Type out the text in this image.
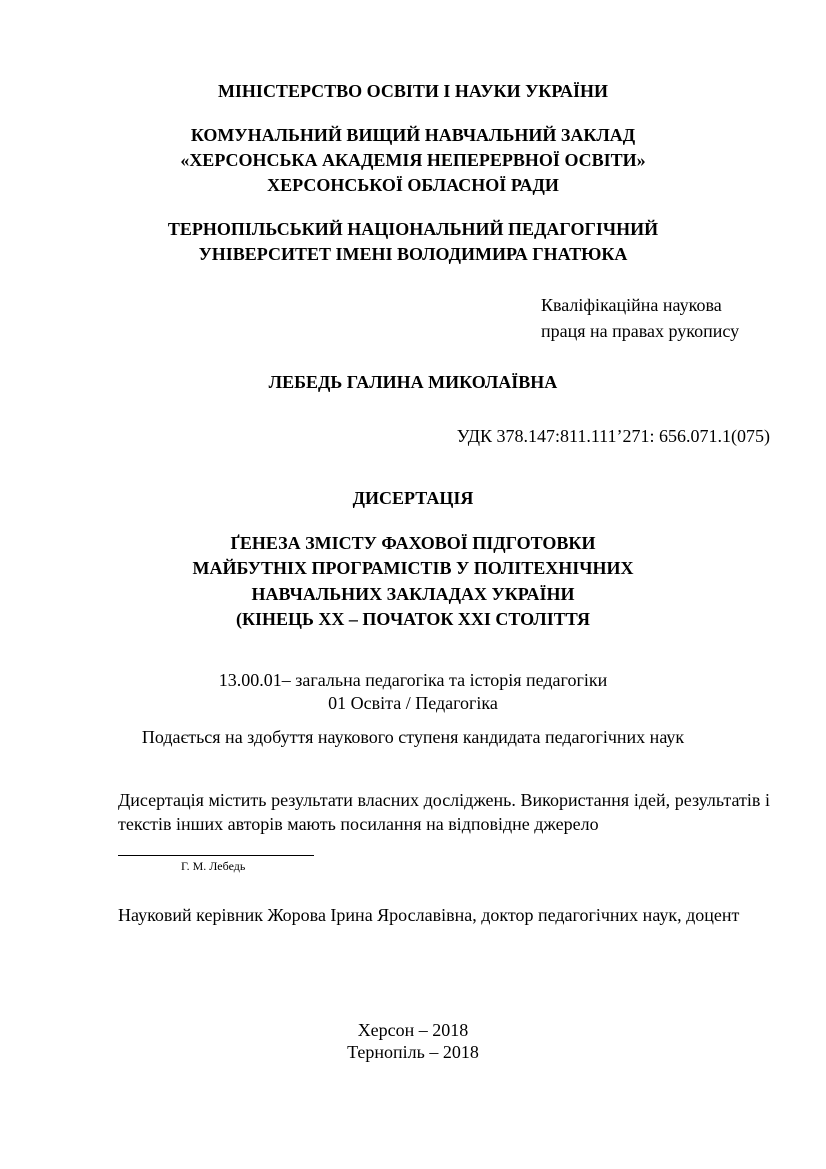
МІНІСТЕРСТВО ОСВІТИ І НАУКИ УКРАЇНИ
КОМУНАЛЬНИЙ ВИЩИЙ НАВЧАЛЬНИЙ ЗАКЛАД
«ХЕРСОНСЬКА АКАДЕМІЯ НЕПЕРЕРВНОЇ ОСВІТИ»
ХЕРСОНСЬКОЇ ОБЛАСНОЇ РАДИ
ТЕРНОПІЛЬСЬКИЙ НАЦІОНАЛЬНИЙ ПЕДАГОГІЧНИЙ
УНІВЕРСИТЕТ ІМЕНІ ВОЛОДИМИРА ГНАТЮКА
Кваліфікаційна наукова
праця на правах рукопису
ЛЕБЕДЬ ГАЛИНА МИКОЛАЇВНА
УДК 378.147:811.111’271: 656.071.1(075)
ДИСЕРТАЦІЯ
ҐЕНЕЗА ЗМІСТУ ФАХОВОЇ ПІДГОТОВКИ
МАЙБУТНІХ ПРОГРАМІСТІВ У ПОЛІТЕХНІЧНИХ
НАВЧАЛЬНИХ ЗАКЛАДАХ УКРАЇНИ
(КІНЕЦЬ ХХ – ПОЧАТОК ХХІ СТОЛІТТЯ
13.00.01– загальна педагогіка та історія педагогіки
01 Освіта / Педагогіка
Подається на здобуття наукового ступеня кандидата педагогічних наук
Дисертація містить результати власних досліджень. Використання ідей, результатів і текстів інших авторів мають посилання на відповідне джерело
Г. М. Лебедь
Науковий керівник Жорова Ірина Ярославівна, доктор педагогічних наук, доцент
Херсон – 2018
Тернопіль – 2018
